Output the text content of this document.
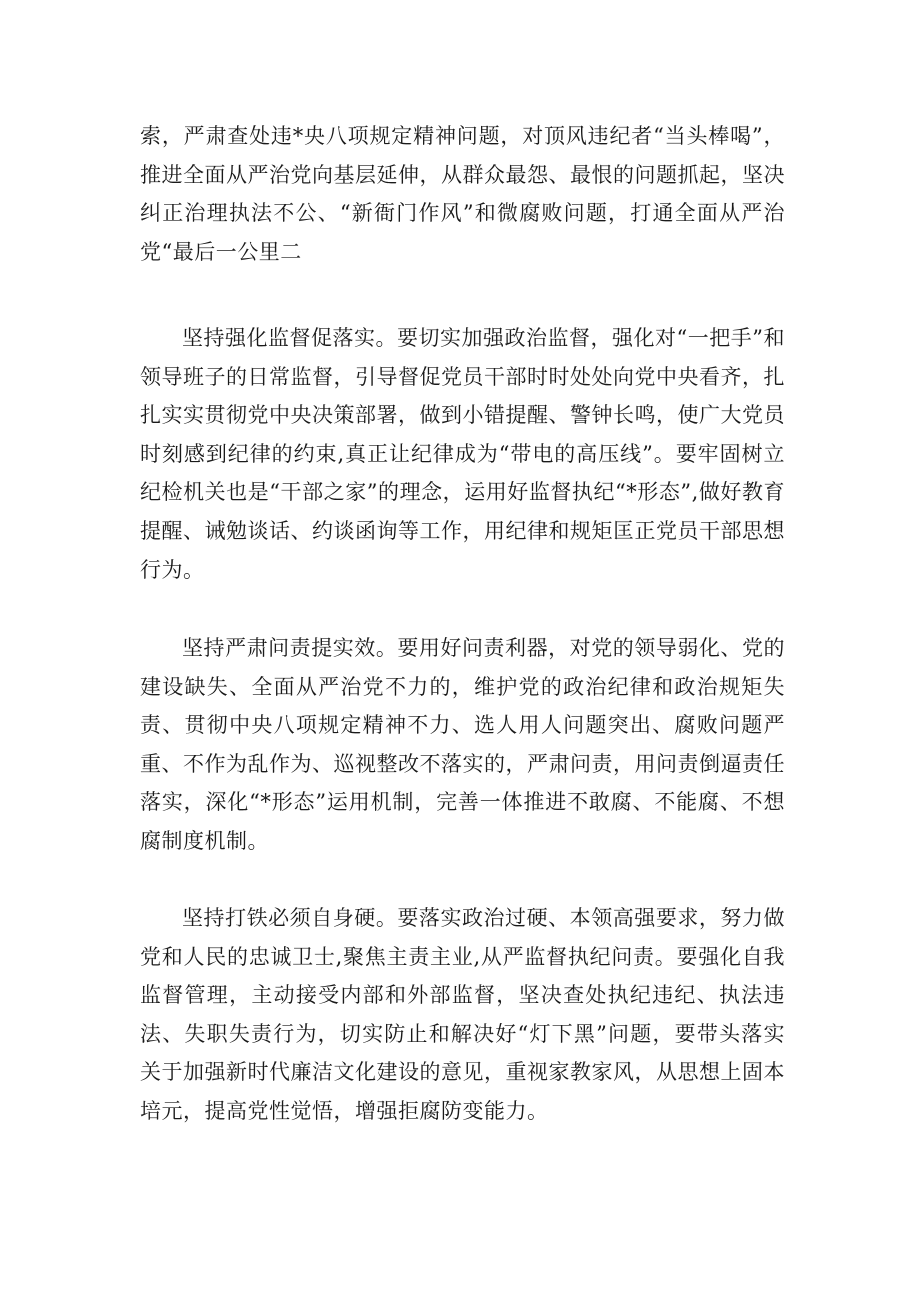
索，严肃查处违*央八项规定精神问题，对顶风违纪者“当头棒喝”，推进全面从严治党向基层延伸，从群众最怨、最恨的问题抓起，坚决纠正治理执法不公、“新衙门作风”和微腐败问题，打通全面从严治党“最后一公里二

坚持强化监督促落实。要切实加强政治监督，强化对“一把手”和领导班子的日常监督，引导督促党员干部时时处处向党中央看齐，扎扎实实贯彻党中央决策部署，做到小错提醒、警钟长鸣，使广大党员时刻感到纪律的约束,真正让纪律成为“带电的高压线”。要牢固树立纪检机关也是“干部之家”的理念，运用好监督执纪“*形态”,做好教育提醒、诫勉谈话、约谈函询等工作，用纪律和规矩匡正党员干部思想行为。

坚持严肃问责提实效。要用好问责利器，对党的领导弱化、党的建设缺失、全面从严治党不力的，维护党的政治纪律和政治规矩失责、贯彻中央八项规定精神不力、选人用人问题突出、腐败问题严重、不作为乱作为、巡视整改不落实的，严肃问责，用问责倒逼责任落实，深化“*形态”运用机制，完善一体推进不敢腐、不能腐、不想腐制度机制。

坚持打铁必须自身硬。要落实政治过硬、本领高强要求，努力做党和人民的忠诚卫士,聚焦主责主业,从严监督执纪问责。要强化自我监督管理，主动接受内部和外部监督，坚决查处执纪违纪、执法违法、失职失责行为，切实防止和解决好“灯下黑”问题，要带头落实关于加强新时代廉洁文化建设的意见，重视家教家风，从思想上固本培元，提高党性觉悟，增强拒腐防变能力。
